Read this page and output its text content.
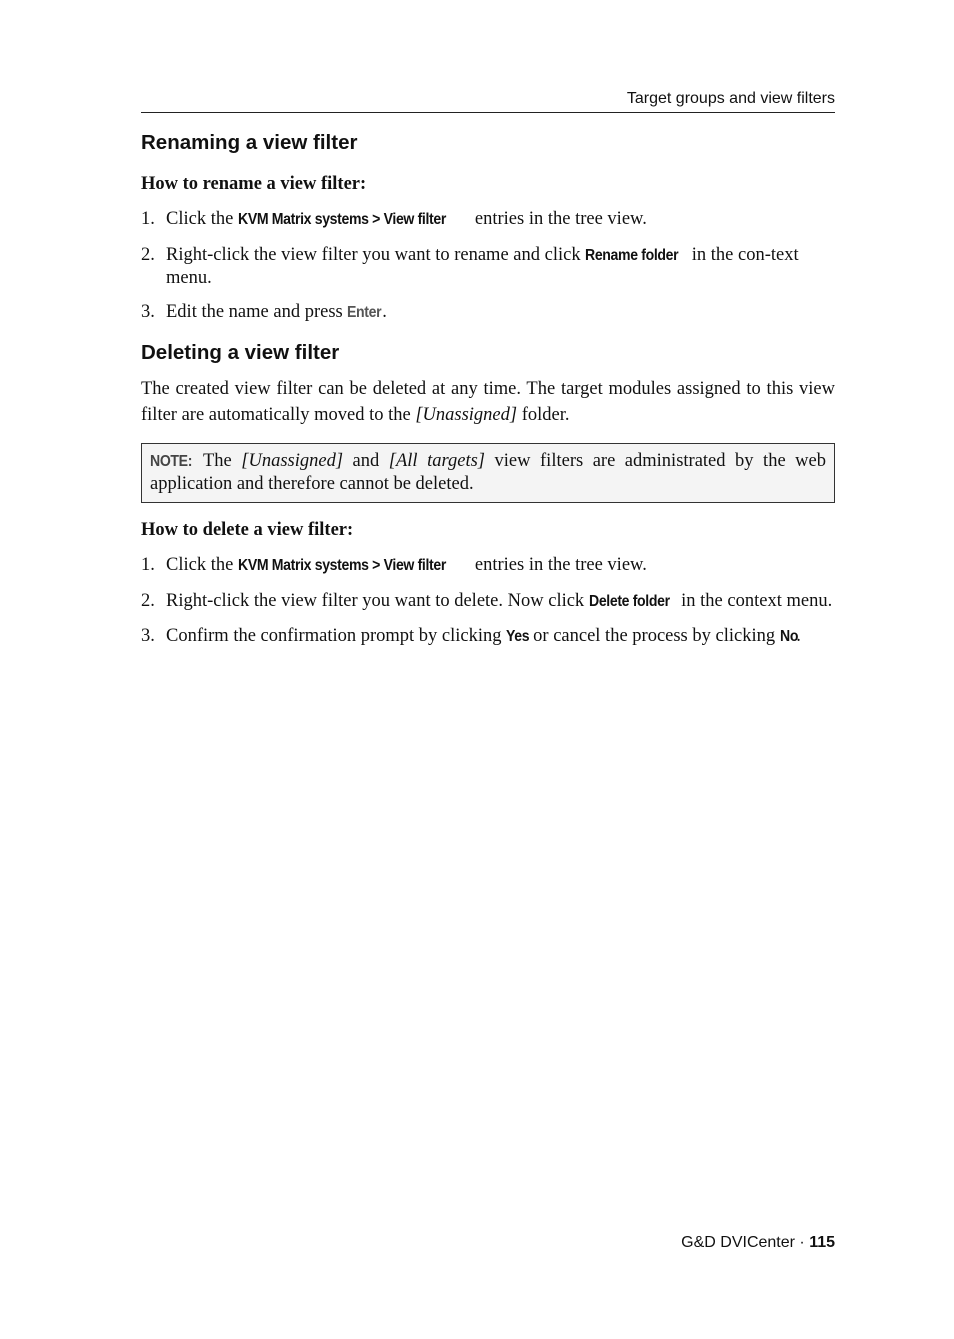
Target groups and view filters
Renaming a view filter

How to rename a view filter:

1. Click the KVM Matrix systems > View filter entries in the tree view.
2. Right-click the view filter you want to rename and click Rename folder in the con-text menu.
3. Edit the name and press Enter.
Deleting a view filter

The created view filter can be deleted at any time. The target modules assigned to this view filter are automatically moved to the [Unassigned] folder.

NOTE: The [Unassigned] and [All targets] view filters are administrated by the web application and therefore cannot be deleted.

How to delete a view filter:

1. Click the KVM Matrix systems > View filter entries in the tree view.
2. Right-click the view filter you want to delete. Now click Delete folder in the context menu.
3. Confirm the confirmation prompt by clicking Yes or cancel the process by clicking No.
G&D DVICenter · 115
